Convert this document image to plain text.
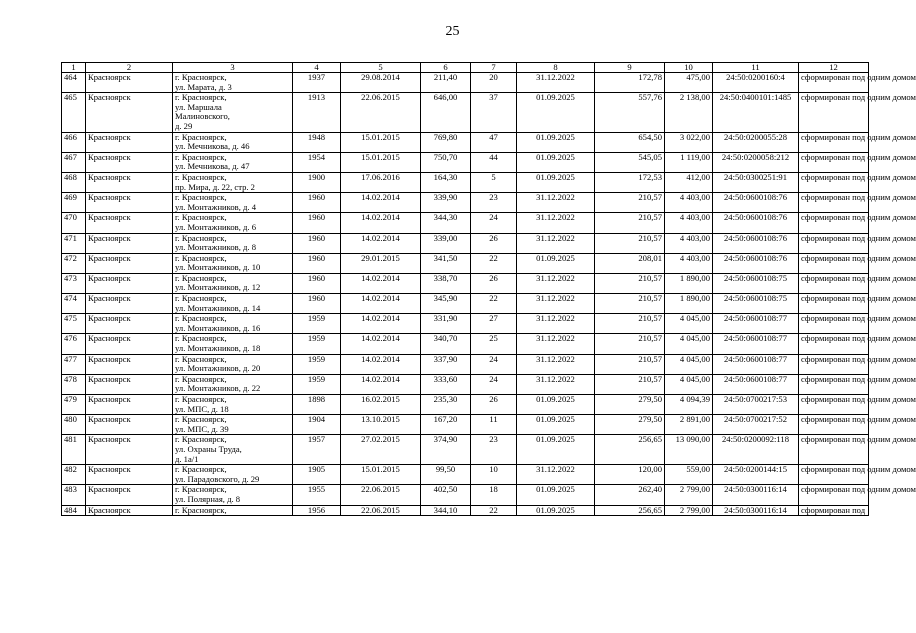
25
1	2	3	4	5	6	7	8	9	10	11	12
464	Красноярск	г. Красноярск,
ул. Марата, д. 3	1937	29.08.2014	211,40	20	31.12.2022	172,78	475,00	24:50:0200160:4	сформирован под одним домом
465	Красноярск	г. Красноярск,
ул. Маршала
Малиновского,
д. 29	1913	22.06.2015	646,00	37	01.09.2025	557,76	2 138,00	24:50:0400101:1485	сформирован под одним домом
466	Красноярск	г. Красноярск,
ул. Мечникова, д. 46	1948	15.01.2015	769,80	47	01.09.2025	654,50	3 022,00	24:50:0200055:28	сформирован под одним домом
467	Красноярск	г. Красноярск,
ул. Мечникова, д. 47	1954	15.01.2015	750,70	44	01.09.2025	545,05	1 119,00	24:50:0200058:212	сформирован под одним домом
468	Красноярск	г. Красноярск,
пр. Мира, д. 22, стр. 2	1900	17.06.2016	164,30	5	01.09.2025	172,53	412,00	24:50:0300251:91	сформирован под одним домом
469	Красноярск	г. Красноярск,
ул. Монтажников, д. 4	1960	14.02.2014	339,90	23	31.12.2022	210,57	4 403,00	24:50:0600108:76	сформирован под одним домом
470	Красноярск	г. Красноярск,
ул. Монтажников, д. 6	1960	14.02.2014	344,30	24	31.12.2022	210,57	4 403,00	24:50:0600108:76	сформирован под одним домом
471	Красноярск	г. Красноярск,
ул. Монтажников, д. 8	1960	14.02.2014	339,00	26	31.12.2022	210,57	4 403,00	24:50:0600108:76	сформирован под одним домом
472	Красноярск	г. Красноярск,
ул. Монтажников, д. 10	1960	29.01.2015	341,50	22	01.09.2025	208,01	4 403,00	24:50:0600108:76	сформирован под одним домом
473	Красноярск	г. Красноярск,
ул. Монтажников, д. 12	1960	14.02.2014	338,70	26	31.12.2022	210,57	1 890,00	24:50:0600108:75	сформирован под одним домом
474	Красноярск	г. Красноярск,
ул. Монтажников, д. 14	1960	14.02.2014	345,90	22	31.12.2022	210,57	1 890,00	24:50:0600108:75	сформирован под одним домом
475	Красноярск	г. Красноярск,
ул. Монтажников, д. 16	1959	14.02.2014	331,90	27	31.12.2022	210,57	4 045,00	24:50:0600108:77	сформирован под одним домом
476	Красноярск	г. Красноярск,
ул. Монтажников, д. 18	1959	14.02.2014	340,70	25	31.12.2022	210,57	4 045,00	24:50:0600108:77	сформирован под одним домом
477	Красноярск	г. Красноярск,
ул. Монтажников, д. 20	1959	14.02.2014	337,90	24	31.12.2022	210,57	4 045,00	24:50:0600108:77	сформирован под одним домом
478	Красноярск	г. Красноярск,
ул. Монтажников, д. 22	1959	14.02.2014	333,60	24	31.12.2022	210,57	4 045,00	24:50:0600108:77	сформирован под одним домом
479	Красноярск	г. Красноярск,
ул. МПС, д. 18	1898	16.02.2015	235,30	26	01.09.2025	279,50	4 094,39	24:50:0700217:53	сформирован под одним домом
480	Красноярск	г. Красноярск,
ул. МПС, д. 39	1904	13.10.2015	167,20	11	01.09.2025	279,50	2 891,00	24:50:0700217:52	сформирован под одним домом
481	Красноярск	г. Красноярск,
ул. Охраны Труда,
д. 1а/1	1957	27.02.2015	374,90	23	01.09.2025	256,65	13 090,00	24:50:0200092:118	сформирован под одним домом
482	Красноярск	г. Красноярск,
ул. Парадовского, д. 29	1905	15.01.2015	99,50	10	31.12.2022	120,00	559,00	24:50:0200144:15	сформирован под одним домом
483	Красноярск	г. Красноярск,
ул. Полярная, д. 8	1955	22.06.2015	402,50	18	01.09.2025	262,40	2 799,00	24:50:0300116:14	сформирован под одним домом
484	Красноярск	г. Красноярск,	1956	22.06.2015	344,10	22	01.09.2025	256,65	2 799,00	24:50:0300116:14	сформирован под
